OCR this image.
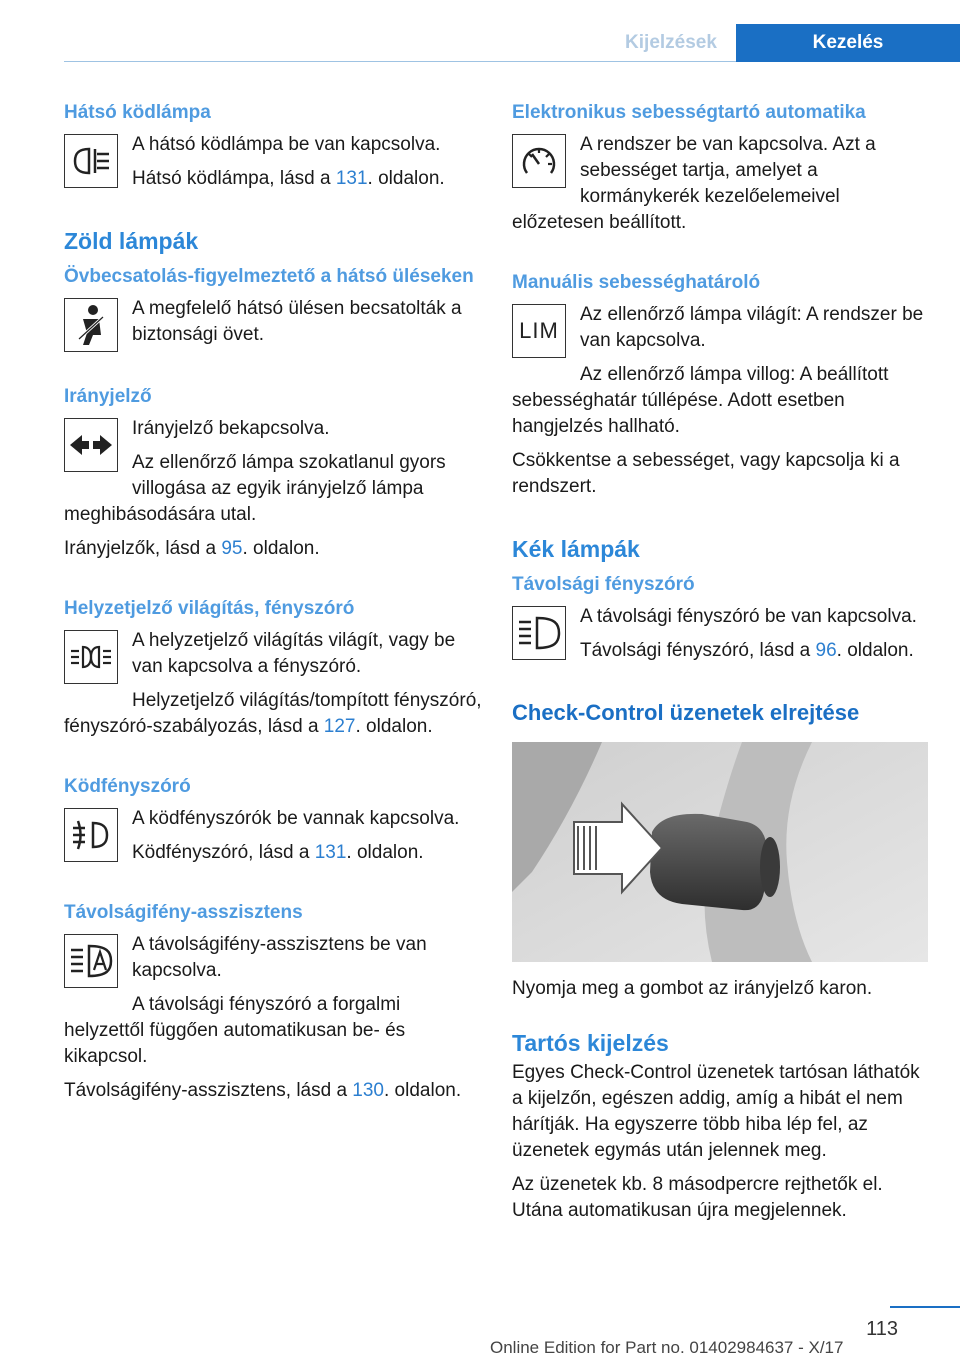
Kijelzések	Kezelés
Hátsó ködlámpa

A hátsó ködlámpa be van kapcsolva.

Hátsó ködlámpa, lásd a 131. oldalon.

Zöld lámpák
Övbecsatolás-figyelmeztető a hátsó üléseken

A megfelelő hátsó ülésen becsatolták a biztonsági övet.

Irányjelző

Irányjelző bekapcsolva.

Az ellenőrző lámpa szokatlanul gyors villogása az egyik irányjelző lámpa meghibásodására utal.

Irányjelzők, lásd a 95. oldalon.

Helyzetjelző világítás, fényszóró

A helyzetjelző világítás világít, vagy be van kapcsolva a fényszóró.

Helyzetjelző világítás/tompított fényszóró, fényszóró-szabályozás, lásd a 127. oldalon.

Ködfényszóró

A ködfényszórók be vannak kapcsolva.

Ködfényszóró, lásd a 131. oldalon.

Távolságifény-asszisztens

A távolságifény-asszisztens be van kapcsolva.

A távolsági fényszóró a forgalmi helyzettől függően automatikusan be- és kikapcsol.

Távolságifény-asszisztens, lásd a 130. oldalon.

Elektronikus sebességtartó automatika

A rendszer be van kapcsolva. Azt a sebességet tartja, amelyet a kormánykerék kezelőelemeivel előzetesen beállított.

Manuális sebességhatároló
LIM

Az ellenőrző lámpa világít: A rendszer be van kapcsolva.

Az ellenőrző lámpa villog: A beállított sebességhatár túllépése. Adott esetben hangjelzés hallható.

Csökkentse a sebességet, vagy kapcsolja ki a rendszert.

Kék lámpák
Távolsági fényszóró

A távolsági fényszóró be van kapcsolva.

Távolsági fényszóró, lásd a 96. oldalon.

Check-Control üzenetek elrejtése

Nyomja meg a gombot az irányjelző karon.

Tartós kijelzés

Egyes Check-Control üzenetek tartósan láthatók a kijelzőn, egészen addig, amíg a hibát el nem hárítják. Ha egyszerre több hiba lép fel, az üzenetek egymás után jelennek meg.

Az üzenetek kb. 8 másodpercre rejthetők el. Utána automatikusan újra megjelennek.

113
Online Edition for Part no. 01402984637 - X/17
